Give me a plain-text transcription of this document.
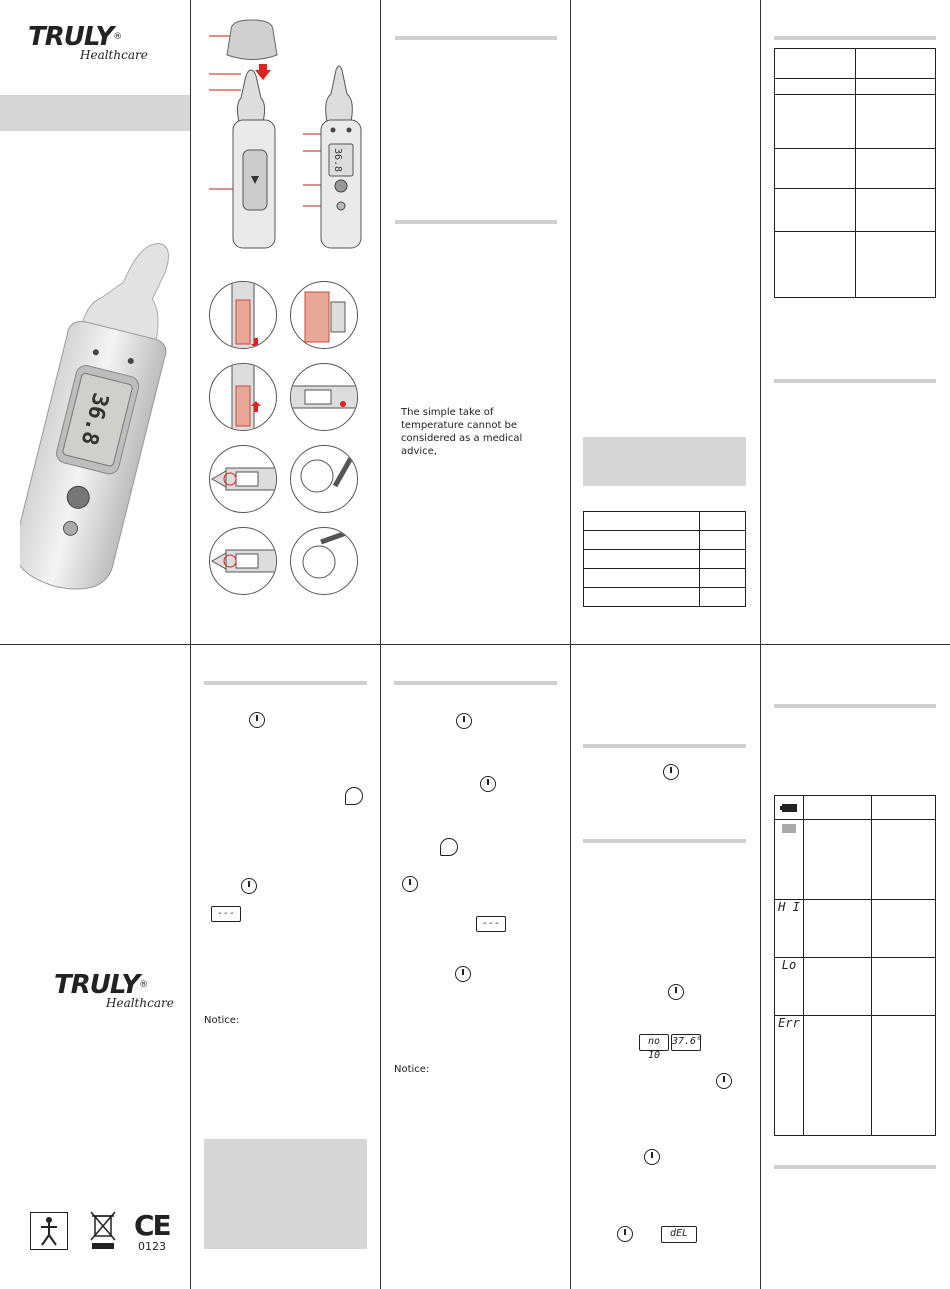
TRULY®
Healthcare
36.8
36.8
The simple take of temperature cannot be considered as a medical advice,

TRULY®
Healthcare
CE
0123
---
Notice:
---
Notice:
no 10
37.6°
dEL

H I		
Lo		
Err		
